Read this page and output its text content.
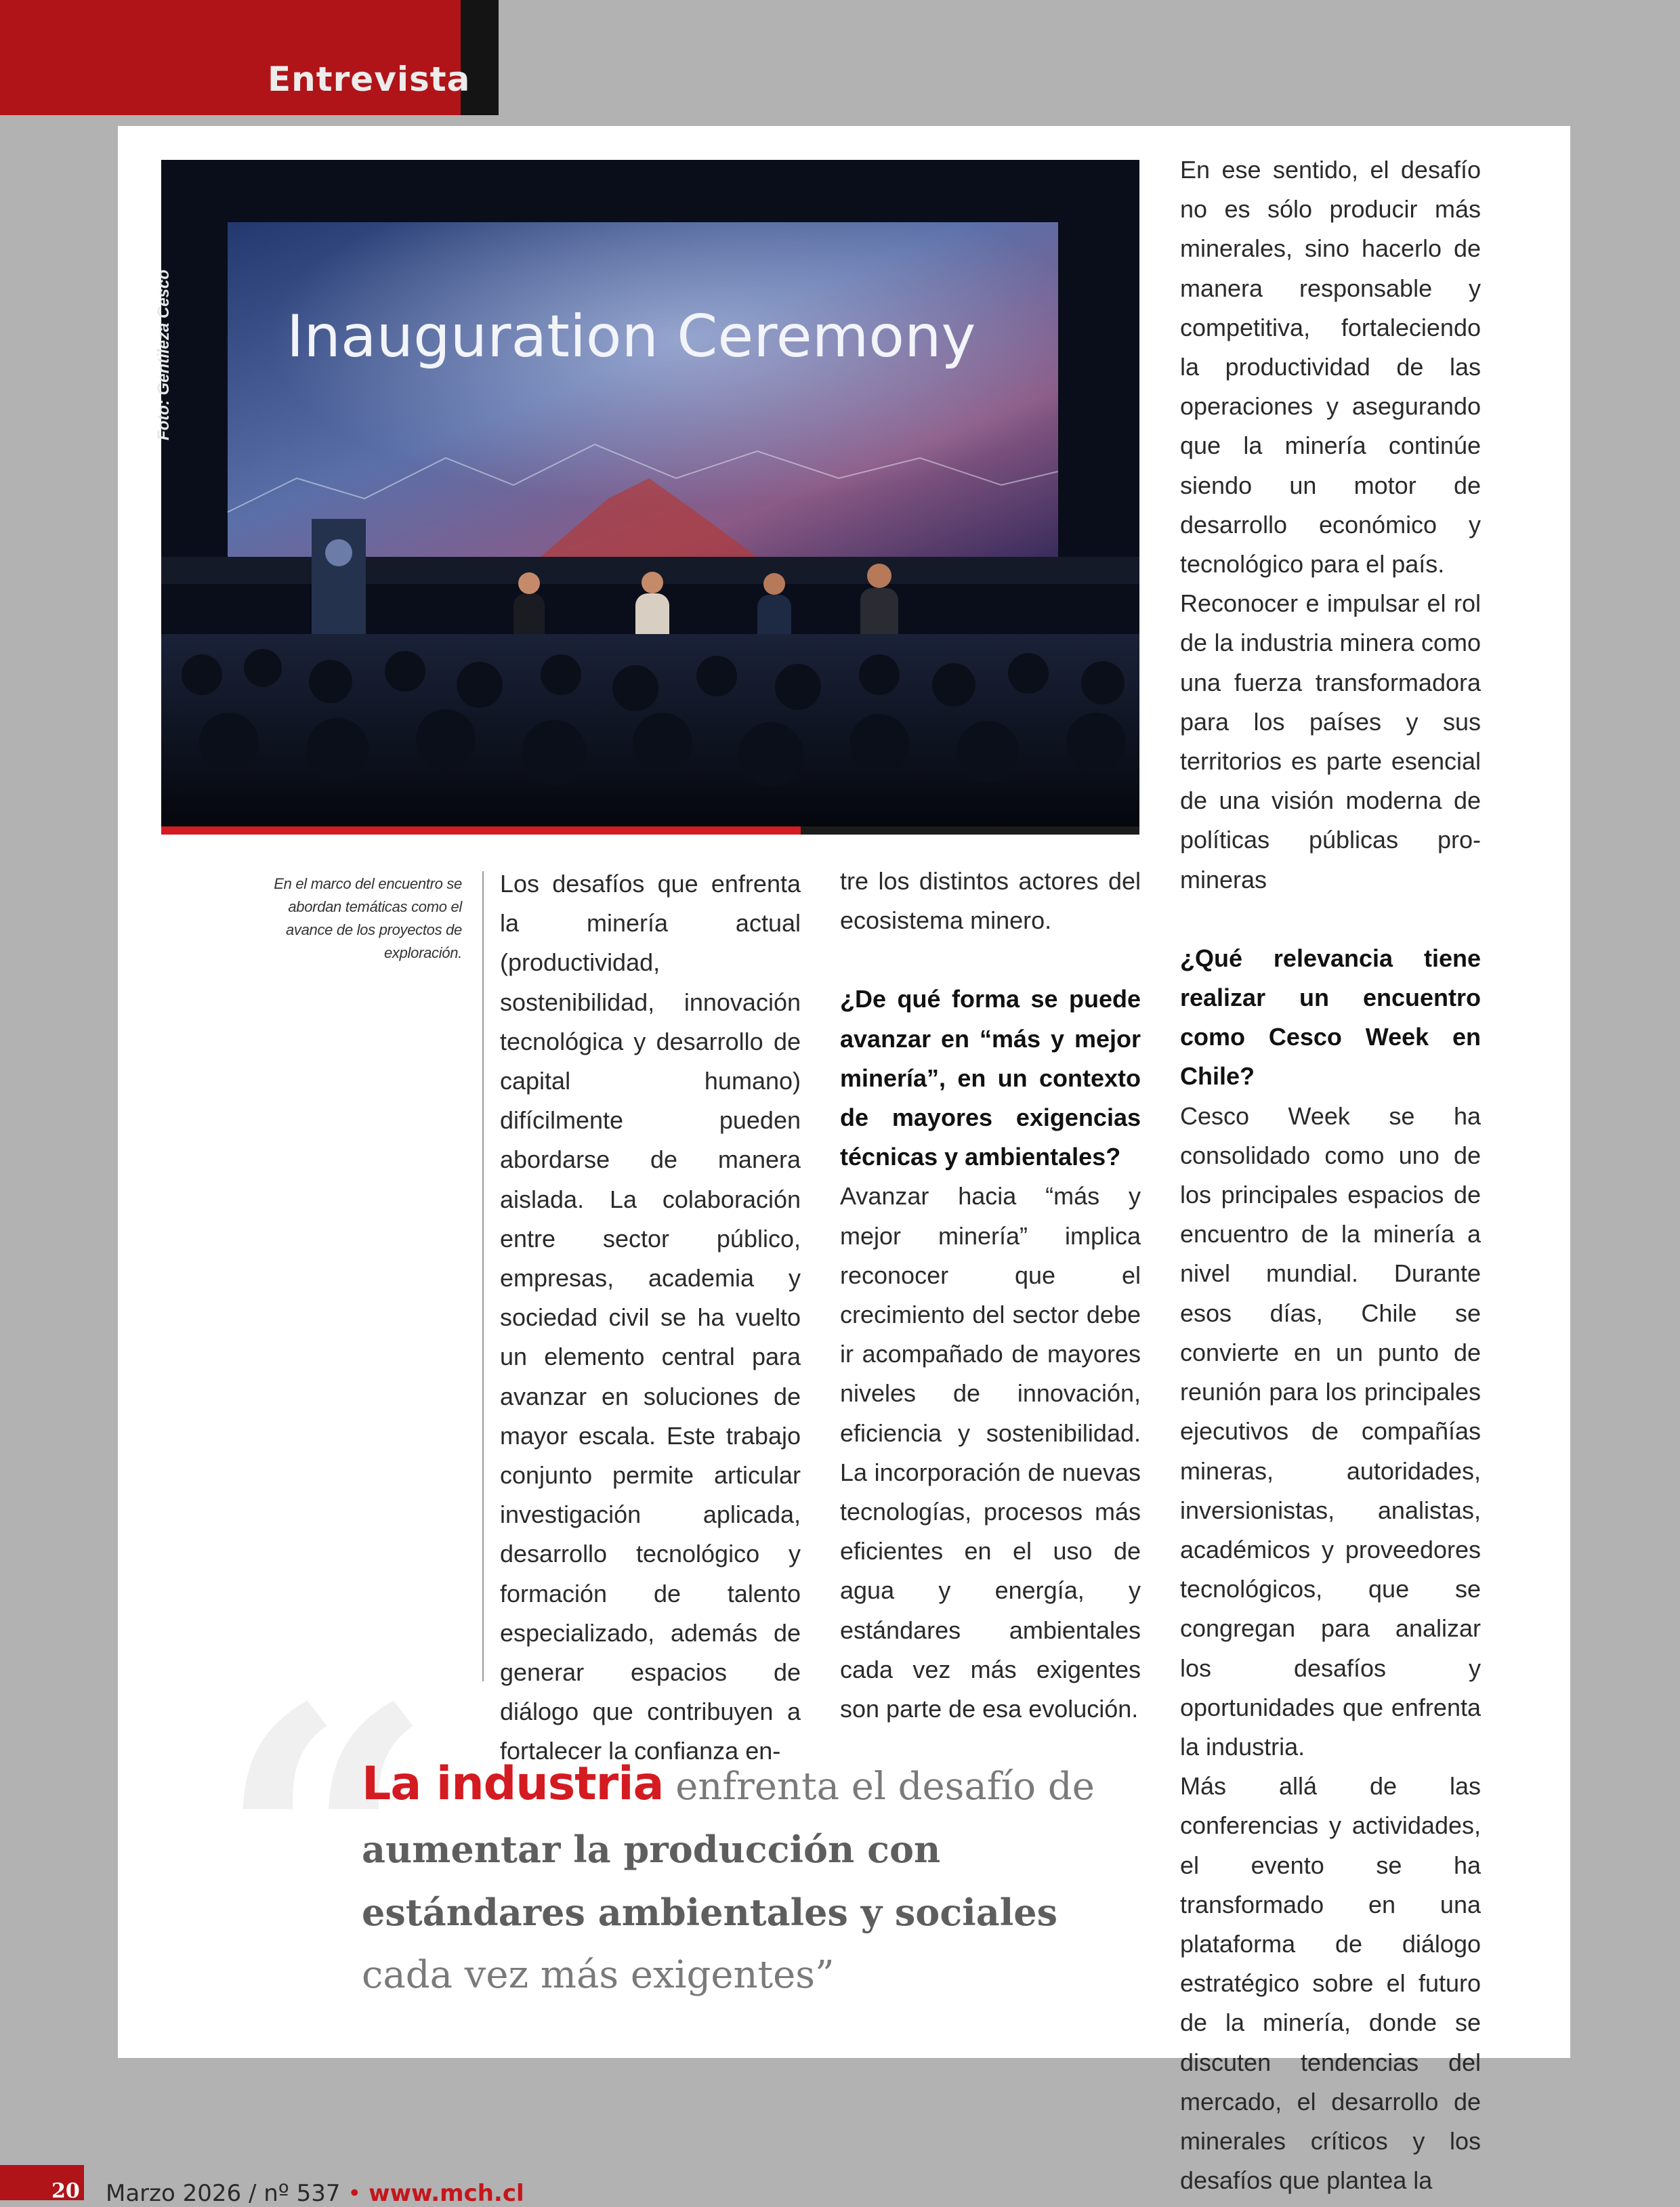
Entrevista
Inauguration Ceremony
Foto: Gentileza Cesco
En el marco del encuentro se abordan temáticas como el avance de los proyectos de exploración.

Los desafíos que enfrenta la minería actual (productividad, sostenibilidad, innovación tecnológica y desarrollo de capital humano) difícilmente pueden abordarse de manera aislada. La colaboración entre sector público, empresas, academia y sociedad civil se ha vuelto un elemento central para avanzar en soluciones de mayor escala. Este trabajo conjunto permite articular investigación aplicada, desarrollo tecnológico y formación de talento especializado, además de generar espacios de diálogo que contribuyen a fortalecer la confianza en-

tre los distintos actores del ecosistema minero.

¿De qué forma se puede avanzar en “más y mejor minería”, en un contexto de mayores exigencias técnicas y ambientales?

Avanzar hacia “más y mejor minería” implica reconocer que el crecimiento del sector debe ir acompañado de mayores niveles de innovación, eficiencia y sostenibilidad. La incorporación de nuevas tecnologías, procesos más eficientes en el uso de agua y energía, y estándares ambientales cada vez más exigentes son parte de esa evolución.

En ese sentido, el desafío no es sólo producir más minerales, sino hacerlo de manera responsable y competitiva, fortaleciendo la productividad de las operaciones y asegurando que la minería continúe siendo un motor de desarrollo económico y tecnológico para el país.

Reconocer e impulsar el rol de la industria minera como una fuerza transformadora para los países y sus territorios es parte esencial de una visión moderna de políticas públicas pro-mineras

¿Qué relevancia tiene realizar un encuentro como Cesco Week en Chile?

Cesco Week se ha consolidado como uno de los principales espacios de encuentro de la minería a nivel mundial. Durante esos días, Chile se convierte en un punto de reunión para los principales ejecutivos de compañías mineras, autoridades, inversionistas, analistas, académicos y proveedores tecnológicos, que se congregan para analizar los desafíos y oportunidades que enfrenta la industria.

Más allá de las conferencias y actividades, el evento se ha transformado en una plataforma de diálogo estratégico sobre el futuro de la minería, donde se discuten tendencias del mercado, el desarrollo de minerales críticos y los desafíos que plantea la

“
La industria enfrenta el desafío de aumentar la producción con estándares ambientales y sociales cada vez más exigentes”
20 Marzo 2026 / nº 537 • www.mch.cl
